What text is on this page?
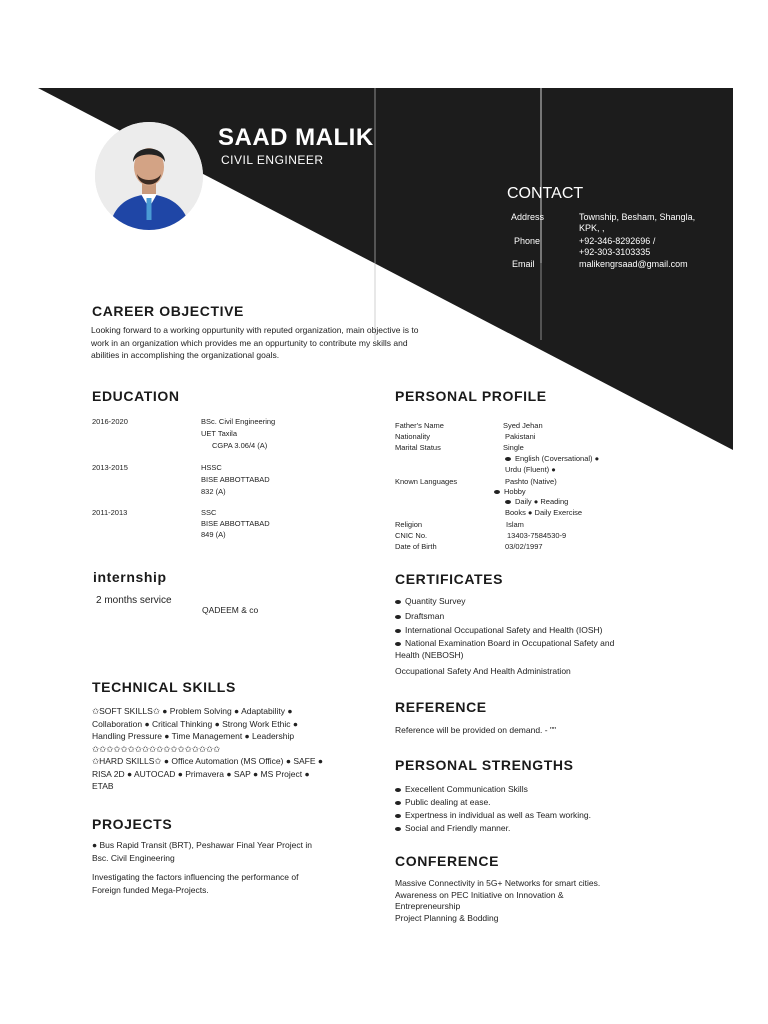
SAAD MALIK
CIVIL ENGINEER
CONTACT
Address	Township, Besham, Shangla,
KPK, ,
Phone	+92-346-8292696 /
+92-303-3103335
Email	malikengrsaad@gmail.com
CAREER OBJECTIVE
Looking forward to a working oppurtunity with reputed organization, main objective is to
work in an organization which provides me an oppurtunity to contribute my skills and
abilities in accomplishing the organizational goals.
EDUCATION
2016-2020	BSc. Civil Engineering
UET Taxila
CGPA 3.06/4 (A)
2013-2015	HSSC
BISE ABBOTTABAD
832 (A)
2011-2013	SSC
BISE ABBOTTABAD
849 (A)
internship
2 months service
QADEEM & co
TECHNICAL SKILLS
✩SOFT SKILLS✩ ● Problem Solving ● Adaptability ●
Collaboration ● Critical Thinking ● Strong Work Ethic ●
Handling Pressure ● Time Management ● Leadership
✩✩✩✩✩✩✩✩✩✩✩✩✩✩✩✩✩✩
✩HARD SKILLS✩ ● Office Automation (MS Office) ● SAFE ●
RISA 2D ● AUTOCAD ● Primavera ● SAP ● MS Project ●
ETAB
PROJECTS
● Bus Rapid Transit (BRT), Peshawar Final Year Project in
Bsc. Civil Engineering
Investigating the factors influencing the performance of
Foreign funded Mega-Projects.
PERSONAL PROFILE
Father's Name	Syed Jehan
Nationality	Pakistani
Marital Status	Single
English (Coversational) ●
Urdu (Fluent) ●
Known Languages	Pashto (Native)
Hobby
Daily ● Reading
Books ● Daily Exercise
Religion	Islam
CNIC No.	13403-7584530-9
Date of Birth	03/02/1997
CERTIFICATES
Quantity Survey
Draftsman
International Occupational Safety and Health (IOSH)
National Examination Board in Occupational Safety and
Health (NEBOSH)
Occupational Safety And Health Administration
REFERENCE
Reference will be provided on demand. - ""
PERSONAL STRENGTHS
Execellent Communication Skills
Public dealing at ease.
Expertness in individual as well as Team working.
Social and Friendly manner.
CONFERENCE
Massive Connectivity in 5G+ Networks for smart cities.
Awareness on PEC Initiative on Innovation &
Entrepreneurship
Project Planning & Bodding
